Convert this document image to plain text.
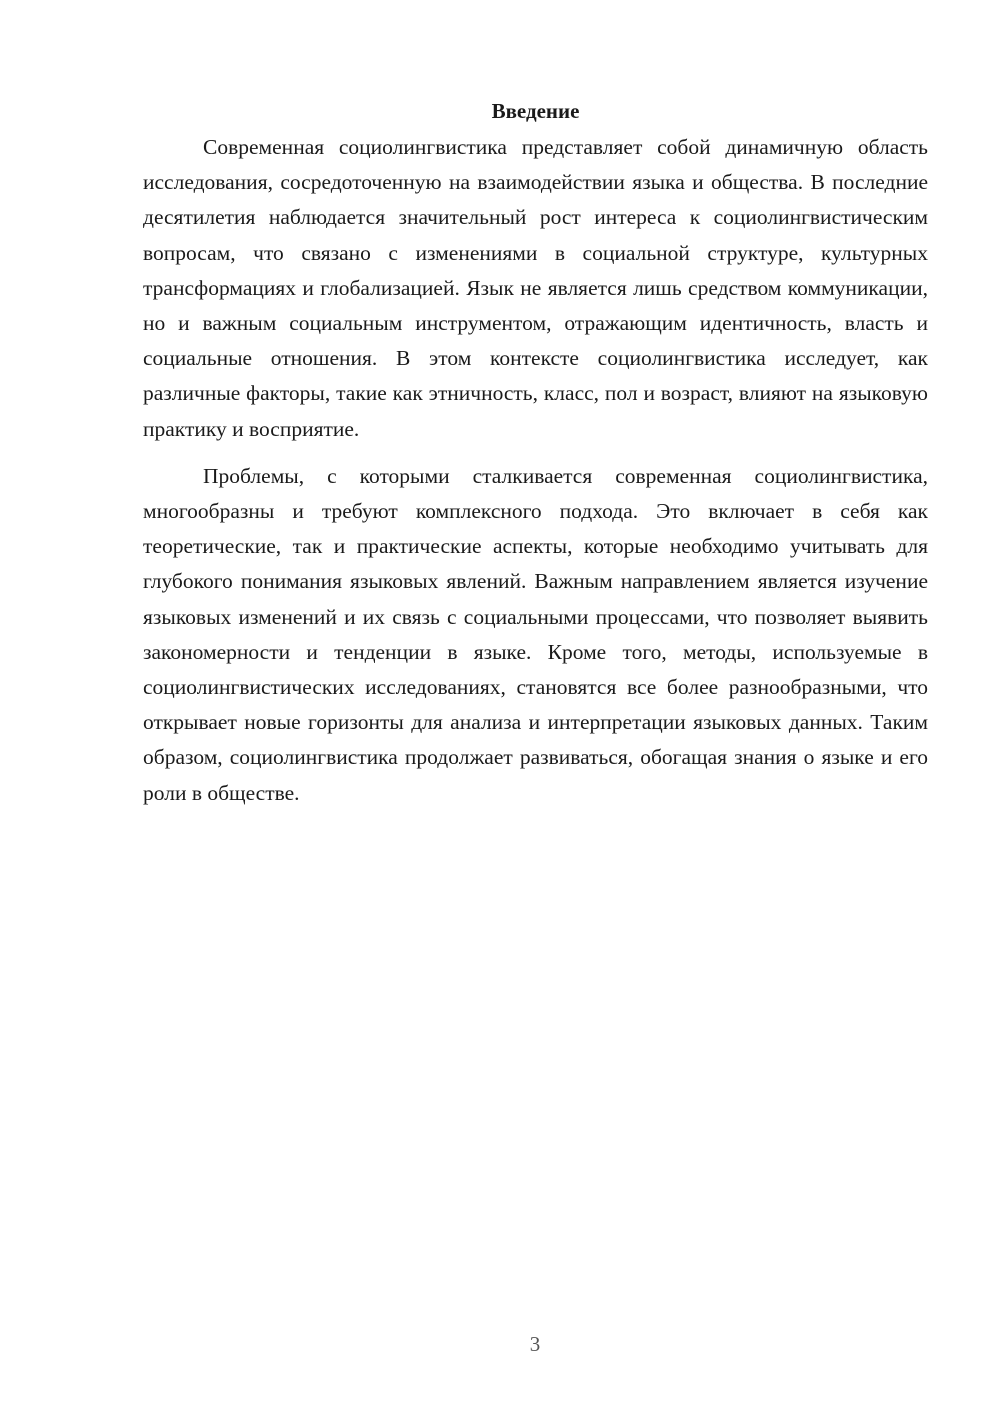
Введение

Современная социолингвистика представляет собой динамичную область исследования, сосредоточенную на взаимодействии языка и общества. В последние десятилетия наблюдается значительный рост интереса к социолингвистическим вопросам, что связано с изменениями в социальной структуре, культурных трансформациях и глобализацией. Язык не является лишь средством коммуникации, но и важным социальным инструментом, отражающим идентичность, власть и социальные отношения. В этом контексте социолингвистика исследует, как различные факторы, такие как этничность, класс, пол и возраст, влияют на языковую практику и восприятие.

Проблемы, с которыми сталкивается современная социолингвистика, многообразны и требуют комплексного подхода. Это включает в себя как теоретические, так и практические аспекты, которые необходимо учитывать для глубокого понимания языковых явлений. Важным направлением является изучение языковых изменений и их связь с социальными процессами, что позволяет выявить закономерности и тенденции в языке. Кроме того, методы, используемые в социолингвистических исследованиях, становятся все более разнообразными, что открывает новые горизонты для анализа и интерпретации языковых данных. Таким образом, социолингвистика продолжает развиваться, обогащая знания о языке и его роли в обществе.

3
